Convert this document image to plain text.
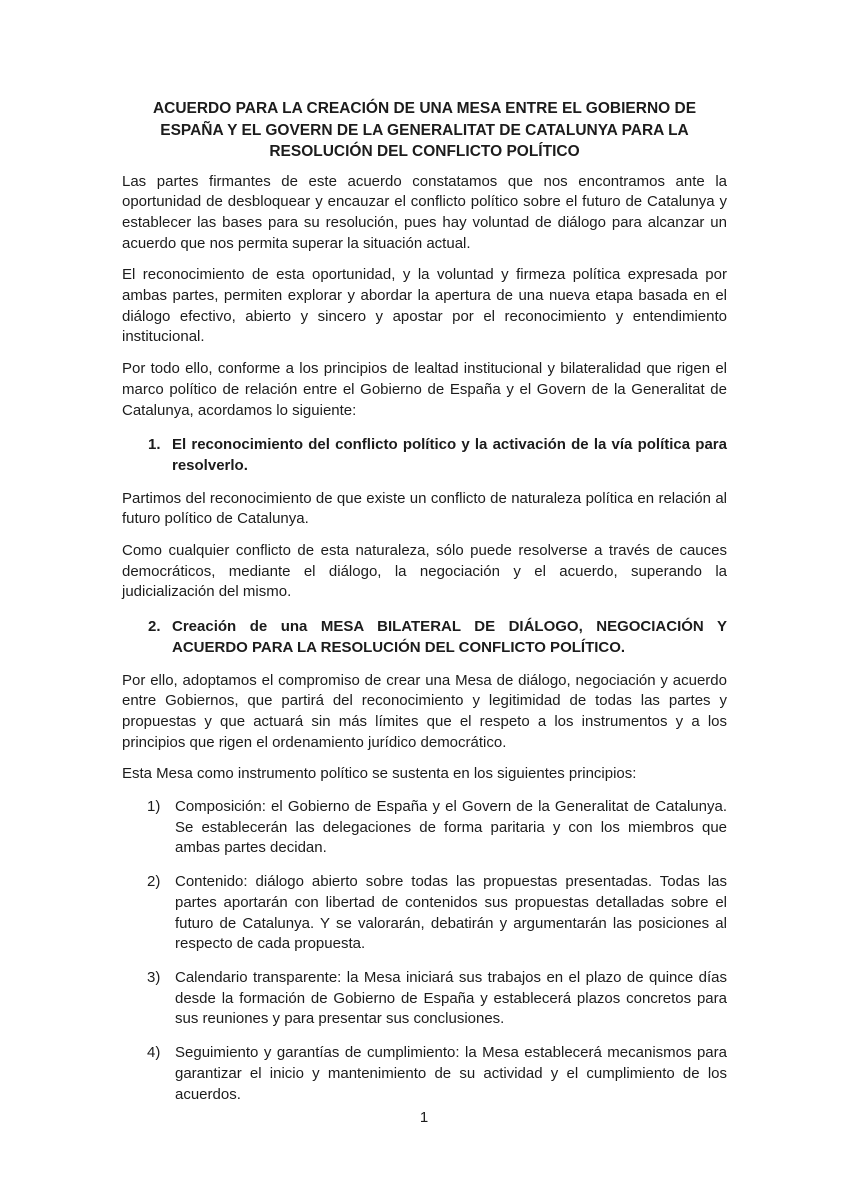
ACUERDO PARA LA CREACIÓN DE UNA MESA ENTRE EL GOBIERNO DE
ESPAÑA Y EL GOVERN DE LA GENERALITAT DE CATALUNYA PARA LA
RESOLUCIÓN DEL CONFLICTO POLÍTICO

Las partes firmantes de este acuerdo constatamos que nos encontramos ante la oportunidad de desbloquear y encauzar el conflicto político sobre el futuro de Catalunya y establecer las bases para su resolución, pues hay voluntad de diálogo para alcanzar un acuerdo que nos permita superar la situación actual.

El reconocimiento de esta oportunidad, y la voluntad y firmeza política expresada por ambas partes, permiten explorar y abordar la apertura de una nueva etapa basada en el diálogo efectivo, abierto y sincero y apostar por el reconocimiento y entendimiento institucional.

Por todo ello, conforme a los principios de lealtad institucional y bilateralidad que rigen el marco político de relación entre el Gobierno de España y el Govern de la Generalitat de Catalunya, acordamos lo siguiente:

1. El reconocimiento del conflicto político y la activación de la vía política para resolverlo.

Partimos del reconocimiento de que existe un conflicto de naturaleza política en relación al futuro político de Catalunya.

Como cualquier conflicto de esta naturaleza, sólo puede resolverse a través de cauces democráticos, mediante el diálogo, la negociación y el acuerdo, superando la judicialización del mismo.

2. Creación de una MESA BILATERAL DE DIÁLOGO, NEGOCIACIÓN Y ACUERDO PARA LA RESOLUCIÓN DEL CONFLICTO POLÍTICO.

Por ello, adoptamos el compromiso de crear una Mesa de diálogo, negociación y acuerdo entre Gobiernos, que partirá del reconocimiento y legitimidad de todas las partes y propuestas y que actuará sin más límites que el respeto a los instrumentos y a los principios que rigen el ordenamiento jurídico democrático.

Esta Mesa como instrumento político se sustenta en los siguientes principios:

1) Composición: el Gobierno de España y el Govern de la Generalitat de Catalunya. Se establecerán las delegaciones de forma paritaria y con los miembros que ambas partes decidan.
2) Contenido: diálogo abierto sobre todas las propuestas presentadas. Todas las partes aportarán con libertad de contenidos sus propuestas detalladas sobre el futuro de Catalunya. Y se valorarán, debatirán y argumentarán las posiciones al respecto de cada propuesta.
3) Calendario transparente: la Mesa iniciará sus trabajos en el plazo de quince días desde la formación de Gobierno de España y establecerá plazos concretos para sus reuniones y para presentar sus conclusiones.
4) Seguimiento y garantías de cumplimiento: la Mesa establecerá mecanismos para garantizar el inicio y mantenimiento de su actividad y el cumplimiento de los acuerdos.
1
